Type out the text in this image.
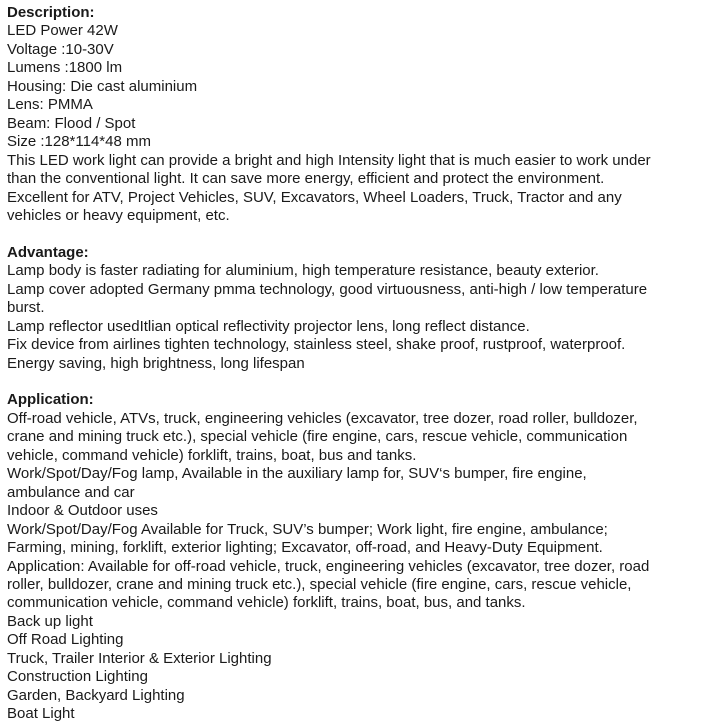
Description:
LED Power 42W
Voltage :10-30V
Lumens :1800 lm
Housing: Die cast aluminium
Lens: PMMA
Beam: Flood / Spot
Size :128*114*48 mm
This LED work light can provide a bright and high Intensity light that is much easier to work under
than the conventional light. It can save more energy, efficient and protect the environment.
Excellent for ATV, Project Vehicles, SUV, Excavators, Wheel Loaders, Truck, Tractor and any
vehicles or heavy equipment, etc.
Advantage:
Lamp body is faster radiating for aluminium, high temperature resistance, beauty exterior.
Lamp cover adopted Germany pmma technology, good virtuousness, anti-high / low temperature
burst.
Lamp reflector usedItlian optical reflectivity projector lens, long reflect distance.
Fix device from airlines tighten technology, stainless steel, shake proof, rustproof, waterproof.
Energy saving, high brightness, long lifespan
Application:
Off-road vehicle, ATVs, truck, engineering vehicles (excavator, tree dozer, road roller, bulldozer,
crane and mining truck etc.), special vehicle (fire engine, cars, rescue vehicle, communication
vehicle, command vehicle) forklift, trains, boat, bus and tanks.
Work/Spot/Day/Fog lamp, Available in the auxiliary lamp for, SUV‘s bumper, fire engine,
ambulance and car
Indoor & Outdoor uses
Work/Spot/Day/Fog Available for Truck, SUV’s bumper; Work light, fire engine, ambulance;
Farming, mining, forklift, exterior lighting; Excavator, off-road, and Heavy-Duty Equipment.
Application: Available for off-road vehicle, truck, engineering vehicles (excavator, tree dozer, road
roller, bulldozer, crane and mining truck etc.), special vehicle (fire engine, cars, rescue vehicle,
communication vehicle, command vehicle) forklift, trains, boat, bus, and tanks.
Back up light
Off Road Lighting
Truck, Trailer Interior & Exterior Lighting
Construction Lighting
Garden, Backyard Lighting
Boat Light
